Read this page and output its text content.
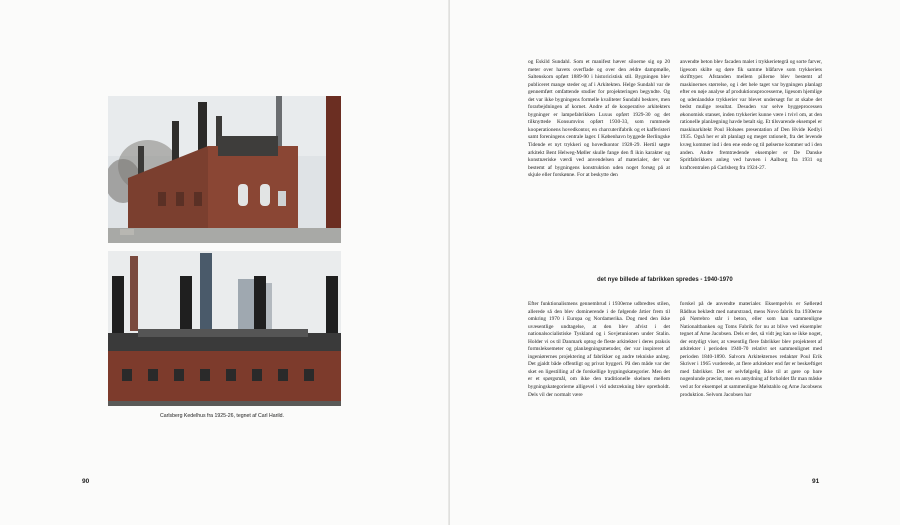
Carlsberg Kedelhus fra 1925-26, tegnet af Carl Harild.
90
og Eskild Sundahl. Som et manifest hæver siloerne sig op 20 meter over havets overflade og over den ældre dampmølle, Saltenskorn opført 1889-90 i historicistisk stil. Bygningen blev publiceret mange steder og af i Arkitekten. Helge Sundahl var de gennemført omfattende studier for projekteringen begyndte. Og det var ikke bygningens formelle kvaliteter Sundahl beskrev, men forarbejdningen af kornet. Andre af de kooperative arkitekters bygninger er lampefabrikken Luxus opført 1929-30 og det tilknyttede Konsumvins opført 1930-33, som rummede kooperationens hovedkontor, en charcuterifabrik og et kafferisteri samt foreningens centrale lager. I København byggede Berlingske Tidende et nyt trykkeri og hovedkontor 1928-29. Hertil søgte arkitekt Bent Helweg-Møller skulle fange den fl ikin karakter og konstnæriske værdi ved anvendelsen af materialer, der var bestemt af bygningens konstruktion uden noget forsøg på at skjule eller forskønne. For at beskytte den
anvendte beton blev facaden malet i trykkerietegrå og sorte farver, ligesom skilte og døre fik samme blåfarve som trykkeriets skrifttyper. Afstanden mellem pillerne blev bestemt af maskinernes størrelse, og i det hele taget var bygningen planlagt efter en nøje analyse af produktionsprocesserne, ligesom hjemlige og udenlandske trykkerier var blevet undersøgt for at skabe det bedst mulige resultat. Desuden var selve byggeprocessen økonomisk stanset, inden trykkeriet kunne være i tvivl om, at den rationelle planlægning havde betalt sig. Et tilsvarende eksempel er maskinarkitekt Poul Holsøes presentation af Den Hvide Kedlyi 1935. Også her er alt planlagt og meget rationelt, fra det levende kvæg kommer ind i den ene ende og til pølserne kommer ud i den anden. Andre fremtrædende eksempler er De Danske Spritfabrikkers anlæg ved havnen i Aalborg fra 1931 og kraftcentralen på Carlsberg fra 1924-27.
det nye billede af fabrikken spredes - 1940-1970
Efter funktionalismens gennembrud i 1930erne udbredtes stilen, allerede så den blev dominerende i de følgende årtier frem til omkring 1970 i Europa og Nordamerika. Dog med den ikke uvæsentlige undtagelse, at den blev afvist i det nationalsocialistiske Tyskland og i Sovjetunionen under Stalin. Holder vi os til Danmark optog de fleste arkitekter i deres praksis formsleksemeter og planlægningsmetoder, der var inspireret af ingeniørernes projektering af fabrikker og andre tekniske anlæg. Det gjaldt både offentligt og privat byggeri. På den måde var der sket en ligestilling af de forskellige bygningskategorier. Men det er et spørgsmål, om ikke den traditionelle skelnen mellem bygningskategorierne alligevel i vid udstrækning blev opretholdt. Dels vil der normalt være
forskel på de anvendte materialer. Eksempelvis er Søllerød Rådhus beklædt med naturstrand, mens Novo fabrik fra 1930erne på Nørrebro står i beton, eller som kan sammenligne Nationaltbanken og Toms Fabrik for nu at blive ved eksempler tegnet af Arne Jacobsen. Dels er det, så vidt jeg kan se ikke noget, der entydigt viser, at væsentlig flere fabrikker blev projekteret af arkitekter i perioden 1940-70 relativt set sammenlignet med perioden 1840-1890. Salvorn Arkitekternes redaktør Poul Erik Skriver i 1965 vurderede, at flere arkitekter end før er beskæftiget med fabrikker. Det er selvfølgelig ikke til at gøre op bare nogenlunde præcist, men en antydning af forholdet får man måske ved at for eksempel at sammenligne Mølstahlo og Arne Jacobsens produktion. Selvom Jacobsen har
91
